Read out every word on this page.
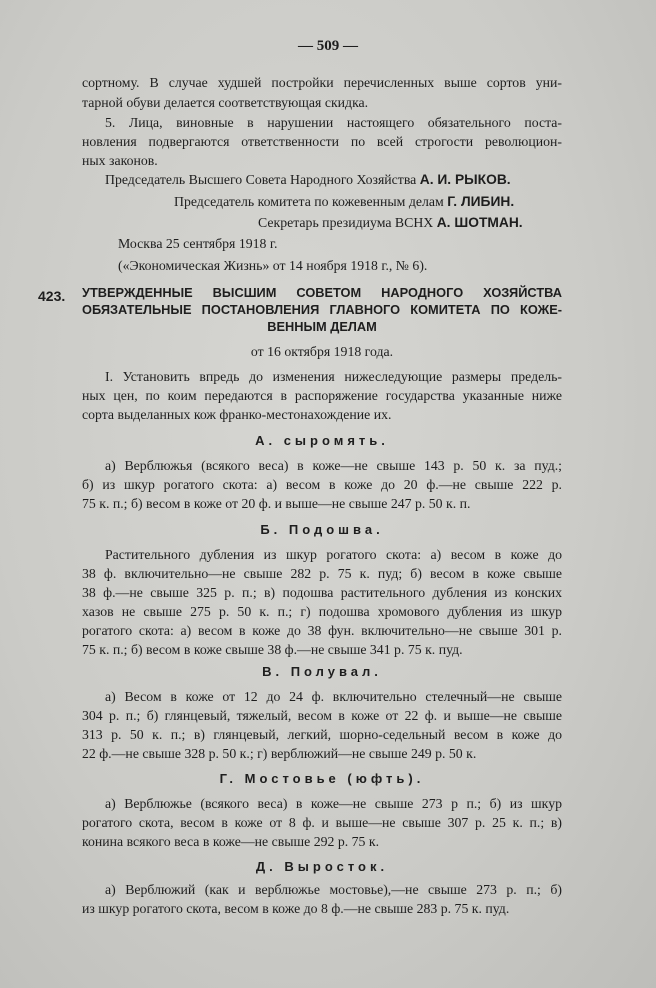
— 509 —
сортному. В случае худшей постройки перечисленных выше сортов уни-
тарной обуви делается соответствующая скидка.
5. Лица, виновные в нарушении настоящего обязательного поста-
новления подвергаются ответственности по всей строгости революцион-
ных законов.
Председатель Высшего Совета Народного Хозяйства А. И. РЫКОВ.
Председатель комитета по кожевенным делам Г. ЛИБИН.
Секретарь президиума ВСНХ А. ШОТМАН.
Москва 25 сентября 1918 г.
(«Экономическая Жизнь» от 14 ноября 1918 г., № 6).
423. УТВЕРЖДЕННЫЕ ВЫСШИМ СОВЕТОМ НАРОДНОГО ХОЗЯЙСТВА
ОБЯЗАТЕЛЬНЫЕ ПОСТАНОВЛЕНИЯ ГЛАВНОГО КОМИТЕТА ПО КОЖЕ-
ВЕННЫМ ДЕЛАМ
от 16 октября 1918 года.
I. Установить впредь до изменения нижеследующие размеры предель-
ных цен, по коим передаются в распоряжение государства указанные ниже
сорта выделанных кож франко-местонахождение их.
А. сыромять.
а) Верблюжья (всякого веса) в коже—не свыше 143 р. 50 к. за пуд.;
б) из шкур рогатого скота: а) весом в коже до 20 ф.—не свыше 222 р.
75 к. п.; б) весом в коже от 20 ф. и выше—не свыше 247 р. 50 к. п.
Б. Подошва.
Растительного дубления из шкур рогатого скота: а) весом в коже до
38 ф. включительно—не свыше 282 р. 75 к. пуд; б) весом в коже свыше
38 ф.—не свыше 325 р. п.; в) подошва растительного дубления из конских
хазов не свыше 275 р. 50 к. п.; г) подошва хромового дубления из шкур
рогатого скота: а) весом в коже до 38 фун. включительно—не свыше 301 р.
75 к. п.; б) весом в коже свыше 38 ф.—не свыше 341 р. 75 к. пуд.
В. Полувал.
а) Весом в коже от 12 до 24 ф. включительно стелечный—не свыше
304 р. п.; б) глянцевый, тяжелый, весом в коже от 22 ф. и выше—не свыше
313 р. 50 к. п.; в) глянцевый, легкий, шорно-седельный весом в коже до
22 ф.—не свыше 328 р. 50 к.; г) верблюжий—не свыше 249 р. 50 к.
Г. Мостовье (юфть).
а) Верблюжье (всякого веса) в коже—не свыше 273 р п.; б) из шкур
рогатого скота, весом в коже от 8 ф. и выше—не свыше 307 р. 25 к. п.; в)
конина всякого веса в коже—не свыше 292 р. 75 к.
Д. Выросток.
а) Верблюжий (как и верблюжье мостовье),—не свыше 273 р. п.; б)
из шкур рогатого скота, весом в коже до 8 ф.—не свыше 283 р. 75 к. пуд.
